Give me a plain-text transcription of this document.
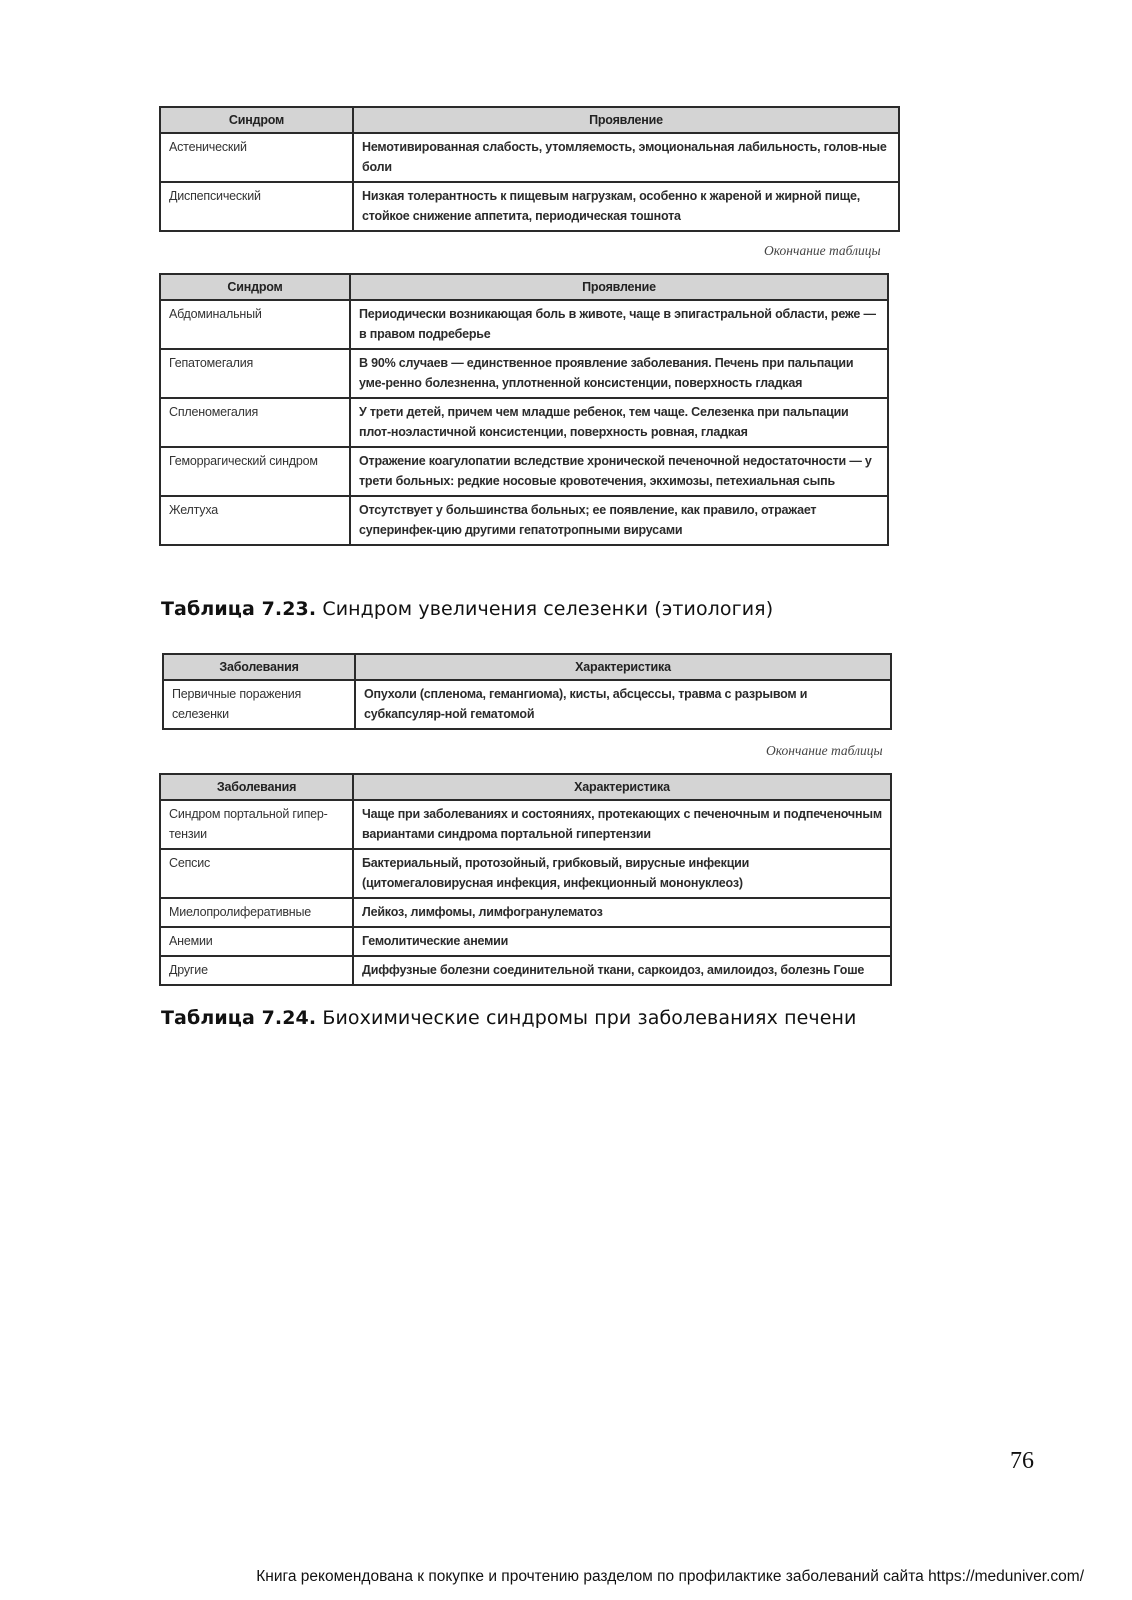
Синдром	Проявление
Астенический	Немотивированная слабость, утомляемость, эмоциональная лабильность, голов-ные боли
Диспепсический	Низкая толерантность к пищевым нагрузкам, особенно к жареной и жирной пище, стойкое снижение аппетита, периодическая тошнота
Окончание таблицы
Синдром	Проявление
Абдоминальный	Периодически возникающая боль в животе, чаще в эпигастральной области, реже — в правом подреберье
Гепатомегалия	В 90% случаев — единственное проявление заболевания. Печень при пальпации уме-ренно болезненна, уплотненной консистенции, поверхность гладкая
Спленомегалия	У трети детей, причем чем младше ребенок, тем чаще. Селезенка при пальпации плот-ноэластичной консистенции, поверхность ровная, гладкая
Геморрагический синдром	Отражение коагулопатии вследствие хронической печеночной недостаточности — у трети больных: редкие носовые кровотечения, экхимозы, петехиальная сыпь
Желтуха	Отсутствует у большинства больных; ее появление, как правило, отражает суперинфек-цию другими гепатотропными вирусами
Таблица 7.23. Синдром увеличения селезенки (этиология)
Заболевания	Характеристика
Первичные поражения селезенки	Опухоли (спленома, гемангиома), кисты, абсцессы, травма с разрывом и субкапсуляр-ной гематомой
Окончание таблицы
Заболевания	Характеристика
Синдром портальной гипер-тензии	Чаще при заболеваниях и состояниях, протекающих с печеночным и подпеченочным вариантами синдрома портальной гипертензии
Сепсис	Бактериальный, протозойный, грибковый, вирусные инфекции (цитомегаловирусная инфекция, инфекционный мононуклеоз)
Миелопролиферативные	Лейкоз, лимфомы, лимфогранулематоз
Анемии	Гемолитические анемии
Другие	Диффузные болезни соединительной ткани, саркоидоз, амилоидоз, болезнь Гоше
Таблица 7.24. Биохимические синдромы при заболеваниях печени
76
Книга рекомендована к покупке и прочтению разделом по профилактике заболеваний сайта https://meduniver.com/
